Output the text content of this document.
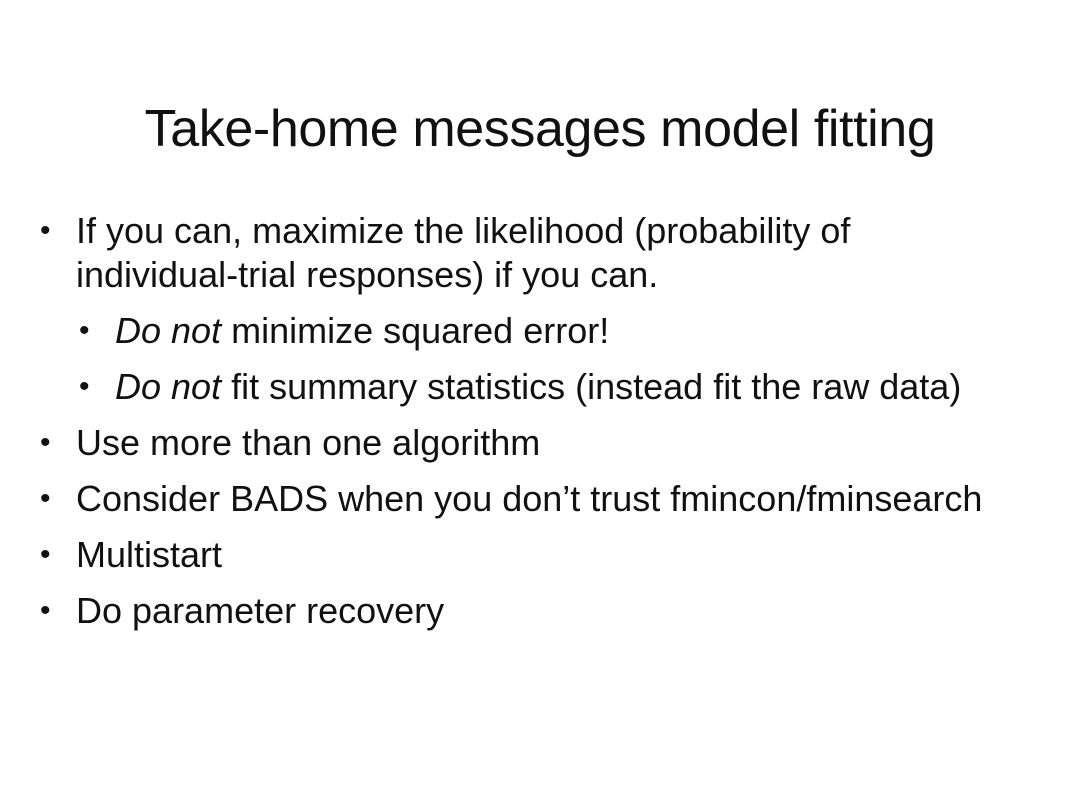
Take-home messages model fitting
• If you can, maximize the likelihood (probability of
individual-trial responses) if you can.
• Do not minimize squared error!
• Do not fit summary statistics (instead fit the raw data)
• Use more than one algorithm
• Consider BADS when you don’t trust fmincon/fminsearch
• Multistart
• Do parameter recovery
